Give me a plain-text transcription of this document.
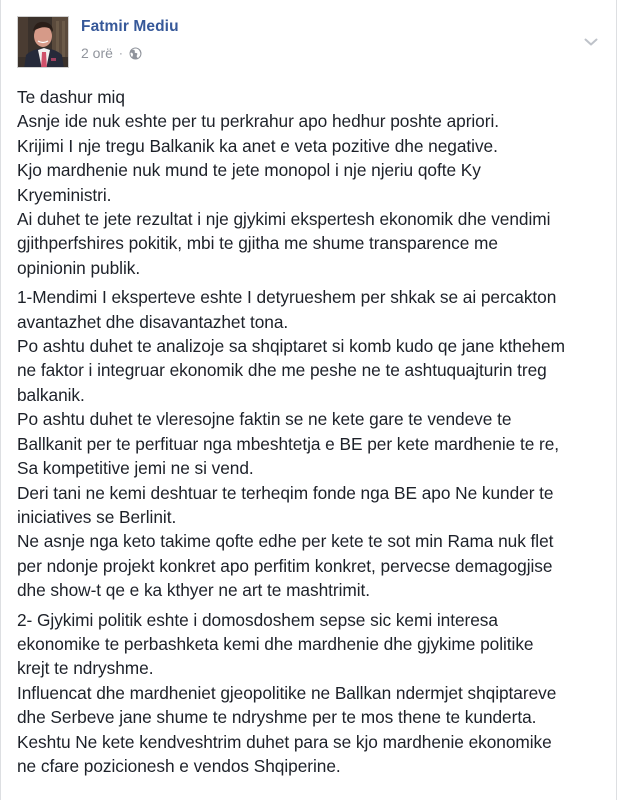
Fatmir Mediu
2 orë ·
Te dashur miq
Asnje ide nuk eshte per tu perkrahur apo hedhur poshte apriori.
Krijimi I nje tregu Balkanik ka anet e veta pozitive dhe negative.
Kjo mardhenie nuk mund te jete monopol i nje njeriu qofte Ky
Kryeministri.
Ai duhet te jete rezultat i nje gjykimi ekspertesh ekonomik dhe vendimi
gjithperfshires pokitik, mbi te gjitha me shume transparence me
opinionin publik.
1-Mendimi I eksperteve eshte I detyrueshem per shkak se ai percakton
avantazhet dhe disavantazhet tona.
Po ashtu duhet te analizoje sa shqiptaret si komb kudo qe jane kthehem
ne faktor i integruar ekonomik dhe me peshe ne te ashtuquajturin treg
balkanik.
Po ashtu duhet te vleresojne faktin se ne kete gare te vendeve te
Ballkanit per te perfituar nga mbeshtetja e BE per kete mardhenie te re,
Sa kompetitive jemi ne si vend.
Deri tani ne kemi deshtuar te terheqim fonde nga BE apo Ne kunder te
iniciatives se Berlinit.
Ne asnje nga keto takime qofte edhe per kete te sot min Rama nuk flet
per ndonje projekt konkret apo perfitim konkret, pervecse demagogjise
dhe show-t qe e ka kthyer ne art te mashtrimit.
2- Gjykimi politik eshte i domosdoshem sepse sic kemi interesa
ekonomike te perbashketa kemi dhe mardhenie dhe gjykime politike
krejt te ndryshme.
Influencat dhe mardheniet gjeopolitike ne Ballkan ndermjet shqiptareve
dhe Serbeve jane shume te ndryshme per te mos thene te kunderta.
Keshtu Ne kete kendveshtrim duhet para se kjo mardhenie ekonomike
ne cfare pozicionesh e vendos Shqiperine.
